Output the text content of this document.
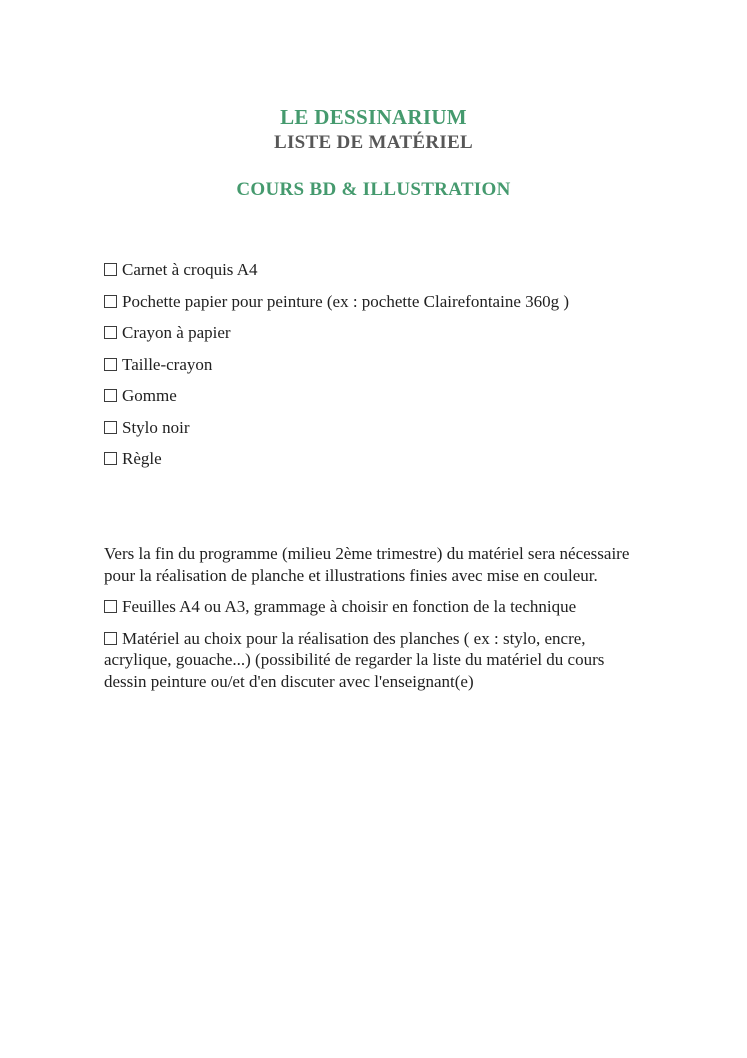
LE DESSINARIUM
LISTE DE MATÉRIEL
COURS BD & ILLUSTRATION
Carnet à croquis A4
Pochette papier pour peinture (ex : pochette Clairefontaine 360g )
Crayon à papier
Taille-crayon
Gomme
Stylo noir
Règle

Vers la fin du programme (milieu 2ème trimestre) du matériel sera nécessaire pour la réalisation de planche et illustrations finies avec mise en couleur.

Feuilles A4 ou A3, grammage à choisir en fonction de la technique
Matériel au choix pour la réalisation des planches ( ex : stylo, encre, acrylique, gouache...) (possibilité de regarder la liste du matériel du cours dessin peinture ou/et d'en discuter avec l'enseignant(e)
